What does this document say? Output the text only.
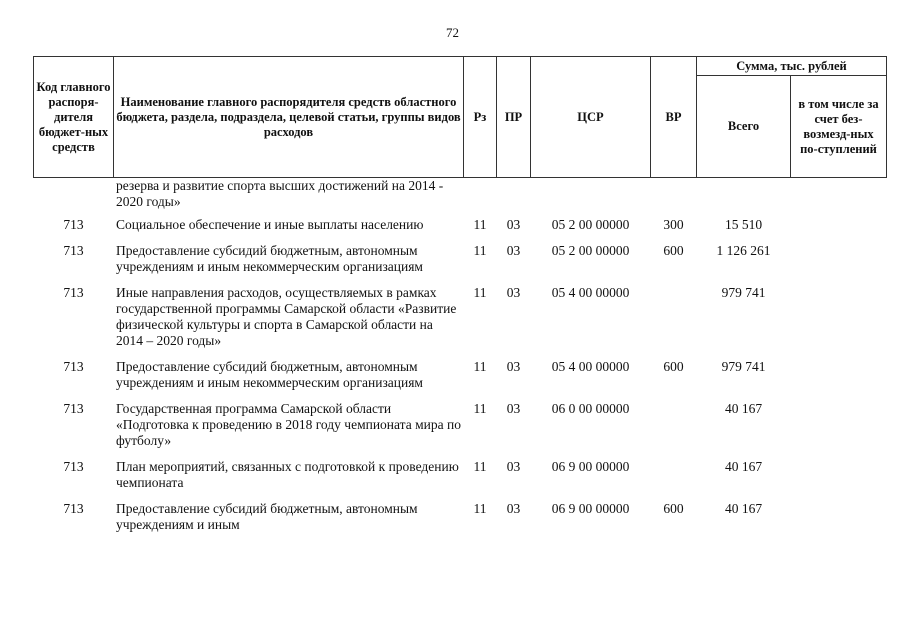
72
Код главного распоря-дителя бюджет-ных средств	Наименование главного распорядителя средств областного бюджета, раздела, подраздела, целевой статьи, группы видов расходов	Рз	ПР	ЦСР	ВР	Сумма, тыс. рублей	
						Всего	в том числе за счет без-возмезд-ных по-ступлений
	резерва и развитие спорта высших достижений на 2014 - 2020 годы»						
713	Социальное обеспечение и иные выплаты населению	11	03	05 2 00 00000	300	15 510	
713	Предоставление субсидий бюджетным, автономным учреждениям и иным некоммерческим организациям	11	03	05 2 00 00000	600	1 126 261	
713	Иные направления расходов, осуществляемых в рамках государственной программы Самарской области «Развитие физической культуры и спорта в Самарской области на 2014 – 2020 годы»	11	03	05 4 00 00000		979 741	
713	Предоставление субсидий бюджетным, автономным учреждениям и иным некоммерческим организациям	11	03	05 4 00 00000	600	979 741	
713	Государственная программа Самарской области «Подготовка к проведению в 2018 году чемпионата мира по футболу»	11	03	06 0 00 00000		40 167	
713	План мероприятий, связанных с подготовкой к проведению чемпионата	11	03	06 9 00 00000		40 167	
713	Предоставление субсидий бюджетным, автономным учреждениям и иным	11	03	06 9 00 00000	600	40 167	
